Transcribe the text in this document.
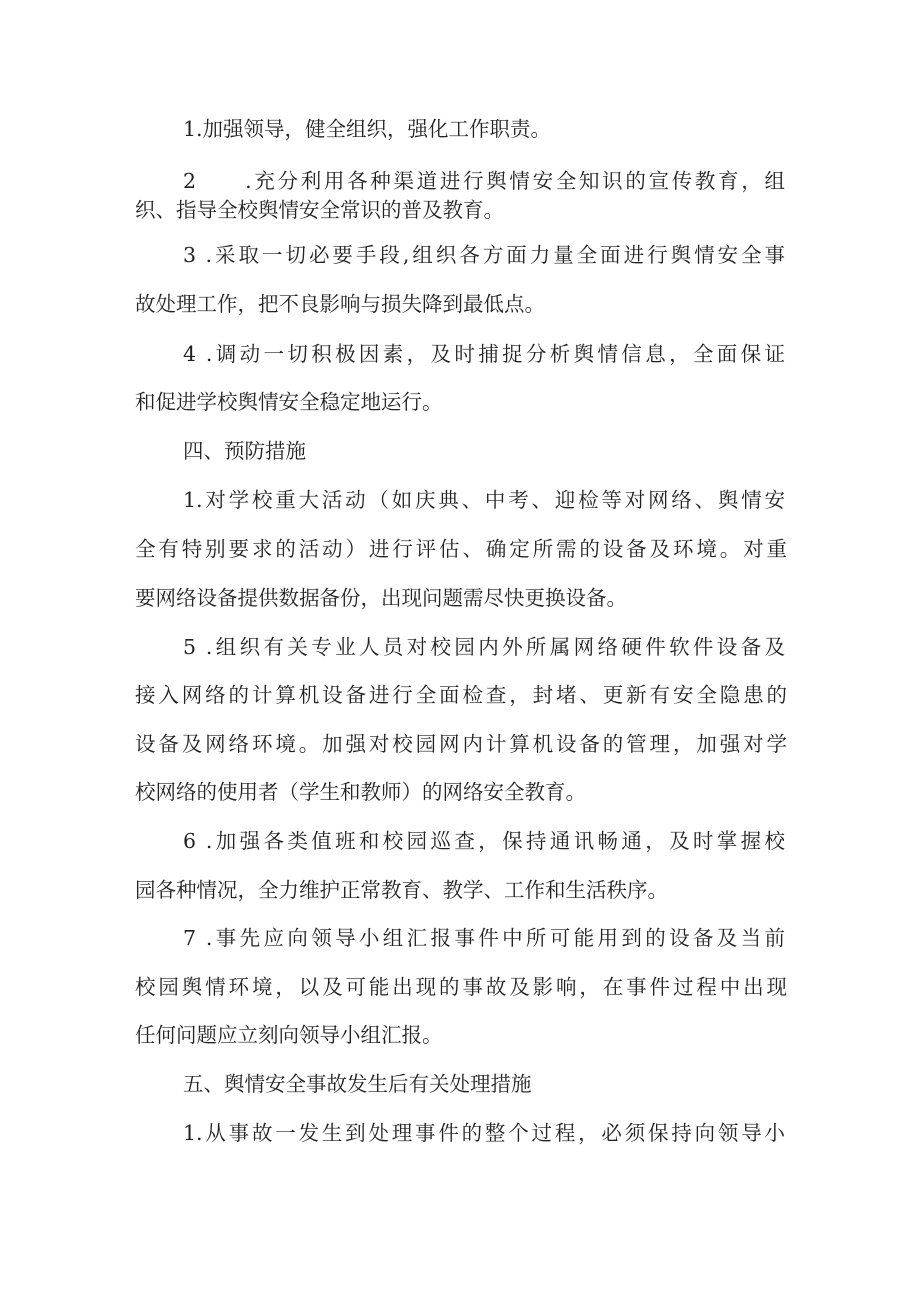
1.加强领导，健全组织，强化工作职责。
2　　.充分利用各种渠道进行舆情安全知识的宣传教育，组
织、指导全校舆情安全常识的普及教育。
3 .采取一切必要手段,组织各方面力量全面进行舆情安全事
故处理工作，把不良影响与损失降到最低点。
4 .调动一切积极因素，及时捕捉分析舆情信息，全面保证
和促进学校舆情安全稳定地运行。
四、预防措施
1.对学校重大活动（如庆典、中考、迎检等对网络、舆情安
全有特别要求的活动）进行评估、确定所需的设备及环境。对重
要网络设备提供数据备份，出现问题需尽快更换设备。
5 .组织有关专业人员对校园内外所属网络硬件软件设备及
接入网络的计算机设备进行全面检查，封堵、更新有安全隐患的
设备及网络环境。加强对校园网内计算机设备的管理，加强对学
校网络的使用者（学生和教师）的网络安全教育。
6 .加强各类值班和校园巡查，保持通讯畅通，及时掌握校
园各种情况，全力维护正常教育、教学、工作和生活秩序。
7 .事先应向领导小组汇报事件中所可能用到的设备及当前
校园舆情环境，以及可能出现的事故及影响，在事件过程中出现
任何问题应立刻向领导小组汇报。
五、舆情安全事故发生后有关处理措施
1.从事故一发生到处理事件的整个过程，必须保持向领导小
